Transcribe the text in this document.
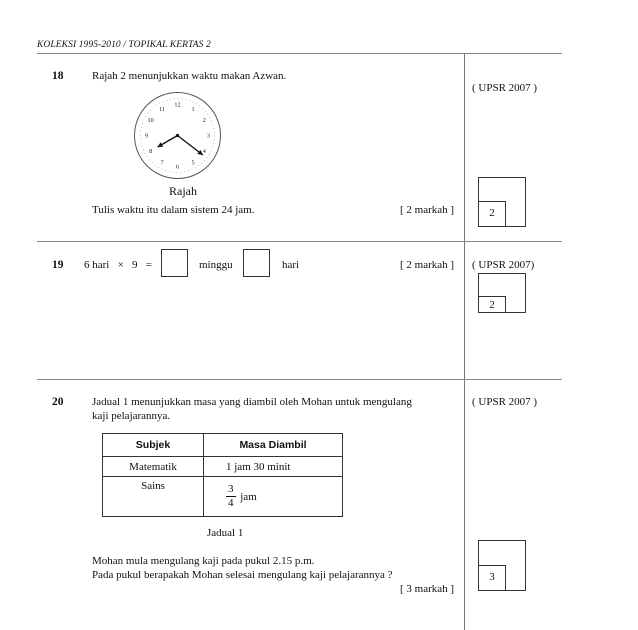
KOLEKSI 1995-2010 / TOPIKAL KERTAS 2
18	Rajah 2 menunjukkan waktu makan Azwan.
( UPSR 2007 )
12
1
2
3
4
5
6
7
8
9
10
11
Rajah
Tulis waktu itu dalam sistem 24 jam.	[ 2 markah ]	2
19 6 hari   ×   9   =	minggu	hari	[ 2 markah ] ( UPSR 2007)
2
20	Jadual 1 menunjukkan masa yang diambil oleh Mohan untuk mengulang
kaji pelajarannya.
( UPSR 2007 )
Subjek	Masa Diambil
Matematik	1 jam 30 minit
Sains	$\frac{3}{4}$ jam
Jadual 1
Mohan mula mengulang kaji pada pukul 2.15 p.m.
Pada pukul berapakah Mohan selesai mengulang kaji pelajarannya ?
[ 3 markah ]
3
